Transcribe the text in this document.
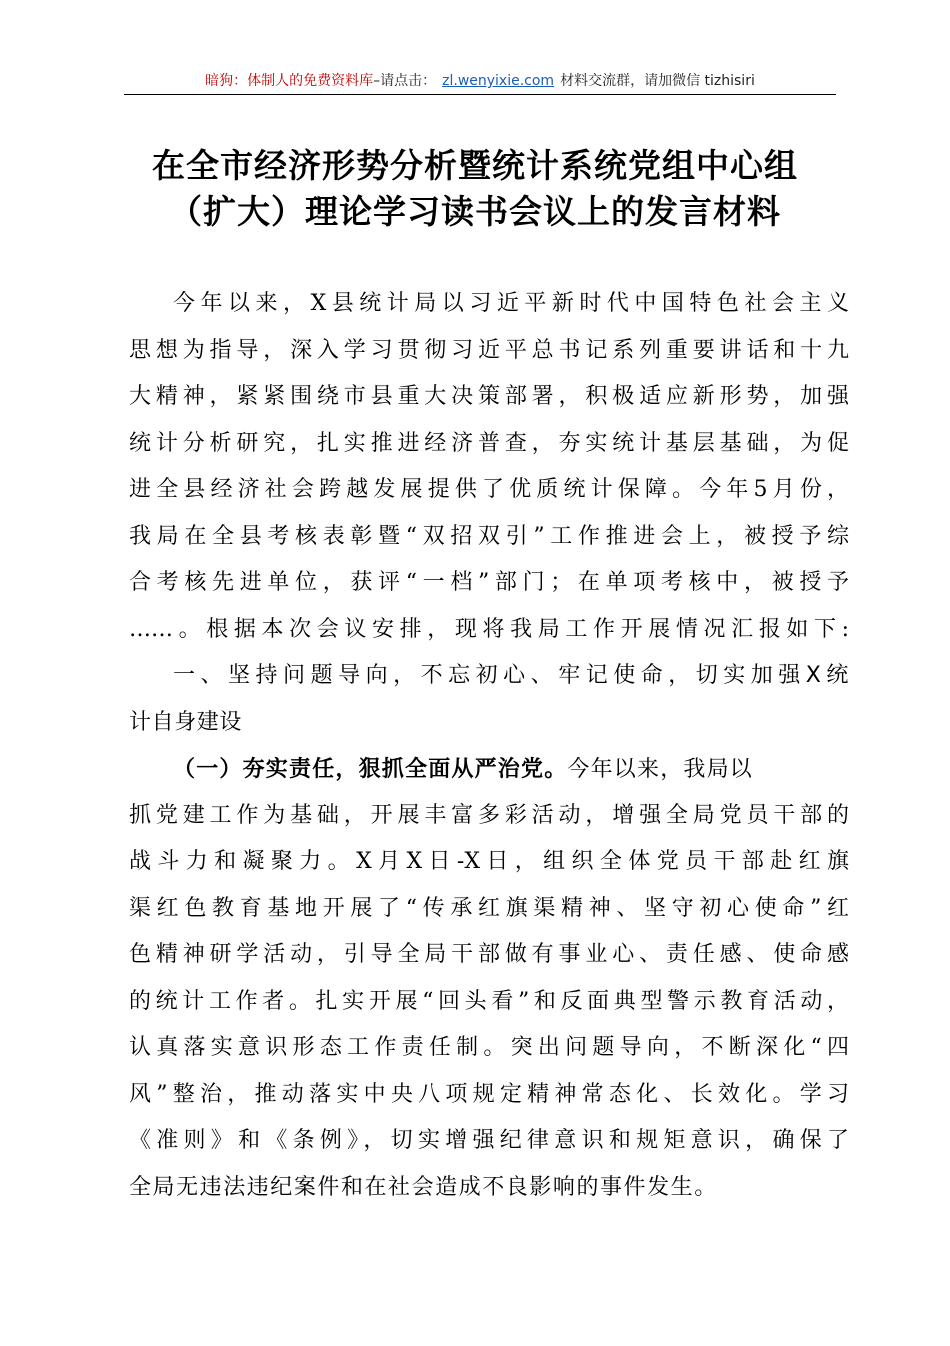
暗狗：体制人的免费资料库–请点击： zl.wenyixie.com 材料交流群，请加微信 tizhisiri
在全市经济形势分析暨统计系统党组中心组
（扩大）理论学习读书会议上的发言材料
今年以来，X县统计局以习近平新时代中国特色社会主义
思想为指导，深入学习贯彻习近平总书记系列重要讲话和十九
大精神，紧紧围绕市县重大决策部署，积极适应新形势，加强
统计分析研究，扎实推进经济普查，夯实统计基层基础，为促
进全县经济社会跨越发展提供了优质统计保障。今年5月份，
我局在全县考核表彰暨“双招双引”工作推进会上，被授予综
合考核先进单位，获评“一档”部门；在单项考核中，被授予
……。根据本次会议安排，现将我局工作开展情况汇报如下:
一、坚持问题导向，不忘初心、牢记使命，切实加强X统
计自身建设
（一）夯实责任，狠抓全面从严治党。今年以来，我局以
抓党建工作为基础，开展丰富多彩活动，增强全局党员干部的
战斗力和凝聚力。X月X日-X日，组织全体党员干部赴红旗
渠红色教育基地开展了“传承红旗渠精神、坚守初心使命”红
色精神研学活动，引导全局干部做有事业心、责任感、使命感
的统计工作者。扎实开展“回头看”和反面典型警示教育活动，
认真落实意识形态工作责任制。突出问题导向，不断深化“四
风”整治，推动落实中央八项规定精神常态化、长效化。学习
《准则》和《条例》，切实增强纪律意识和规矩意识，确保了
全局无违法违纪案件和在社会造成不良影响的事件发生。
